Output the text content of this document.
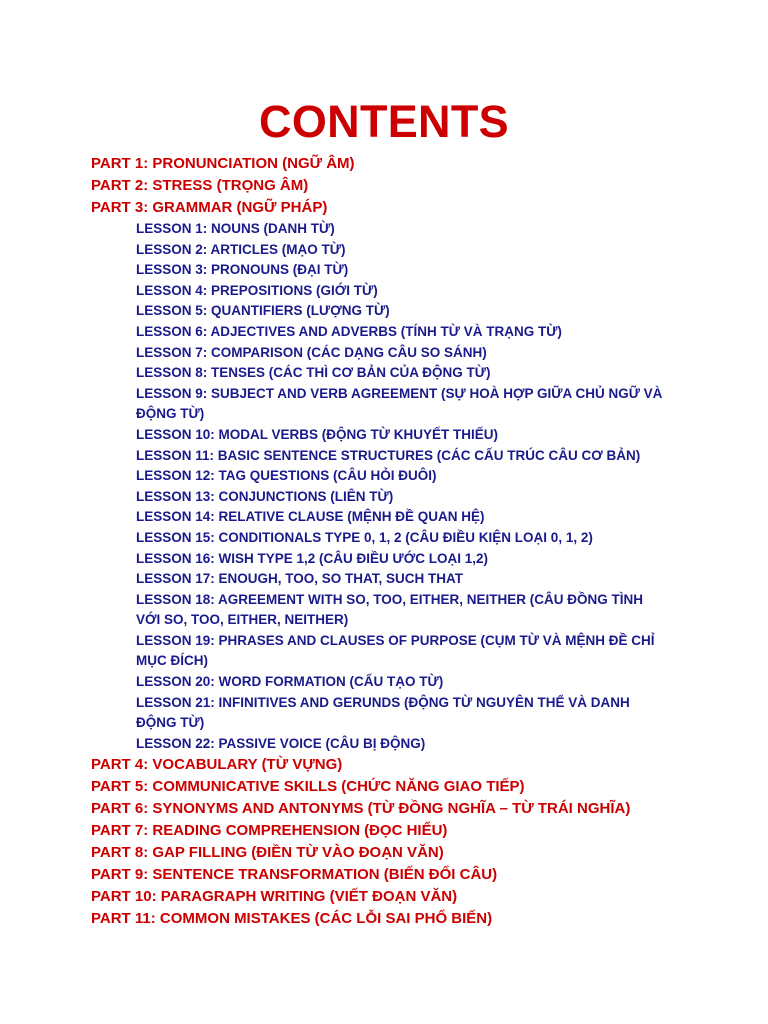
CONTENTS
PART 1: PRONUNCIATION (NGỮ ÂM)
PART 2: STRESS (TRỌNG ÂM)
PART 3: GRAMMAR (NGỮ PHÁP)
LESSON 1: NOUNS (DANH TỪ)
LESSON 2: ARTICLES (MẠO TỪ)
LESSON 3: PRONOUNS (ĐẠI TỪ)
LESSON 4: PREPOSITIONS (GIỚI TỪ)
LESSON 5: QUANTIFIERS (LƯỢNG TỪ)
LESSON 6: ADJECTIVES AND ADVERBS (TÍNH TỪ VÀ TRẠNG TỪ)
LESSON 7: COMPARISON (CÁC DẠNG CÂU SO SÁNH)
LESSON 8: TENSES (CÁC THÌ CƠ BẢN CỦA ĐỘNG TỪ)
LESSON 9: SUBJECT AND VERB AGREEMENT (SỰ HOÀ HỢP GIỮA CHỦ NGỮ VÀ ĐỘNG TỪ)
LESSON 10: MODAL VERBS (ĐỘNG TỪ KHUYẾT THIẾU)
LESSON 11: BASIC SENTENCE STRUCTURES (CÁC CẤU TRÚC CÂU CƠ BẢN)
LESSON 12: TAG QUESTIONS (CÂU HỎI ĐUÔI)
LESSON 13: CONJUNCTIONS (LIÊN TỪ)
LESSON 14: RELATIVE CLAUSE (MỆNH ĐỀ QUAN HỆ)
LESSON 15: CONDITIONALS TYPE 0, 1, 2 (CÂU ĐIỀU KIỆN LOẠI 0, 1, 2)
LESSON 16: WISH TYPE 1,2 (CÂU ĐIỀU ƯỚC LOẠI 1,2)
LESSON 17: ENOUGH, TOO, SO THAT, SUCH THAT
LESSON 18: AGREEMENT WITH SO, TOO, EITHER, NEITHER (CÂU ĐỒNG TÌNH VỚI SO, TOO, EITHER, NEITHER)
LESSON 19: PHRASES AND CLAUSES OF PURPOSE (CỤM TỪ VÀ MỆNH ĐỀ CHỈ MỤC ĐÍCH)
LESSON 20: WORD FORMATION (CẤU TẠO TỪ)
LESSON 21: INFINITIVES AND GERUNDS (ĐỘNG TỪ NGUYÊN THỂ VÀ DANH ĐỘNG TỪ)
LESSON 22: PASSIVE VOICE (CÂU BỊ ĐỘNG)
PART 4: VOCABULARY (TỪ VỰNG)
PART 5: COMMUNICATIVE SKILLS (CHỨC NĂNG GIAO TIẾP)
PART 6: SYNONYMS AND ANTONYMS (TỪ ĐỒNG NGHĨA – TỪ TRÁI NGHĨA)
PART 7: READING COMPREHENSION (ĐỌC HIỂU)
PART 8: GAP FILLING (ĐIỀN TỪ VÀO ĐOẠN VĂN)
PART 9: SENTENCE TRANSFORMATION (BIẾN ĐỔI CÂU)
PART 10: PARAGRAPH WRITING (VIẾT ĐOẠN VĂN)
PART 11: COMMON MISTAKES (CÁC LỖI SAI PHỔ BIẾN)
